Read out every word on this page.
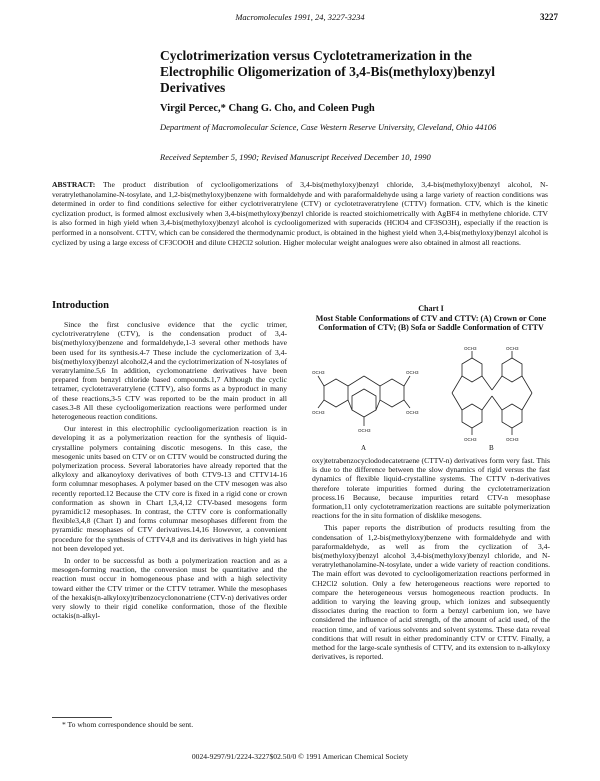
Macromolecules 1991, 24, 3227-3234	3227
Cyclotrimerization versus Cyclotetramerization in the Electrophilic Oligomerization of 3,4-Bis(methyloxy)benzyl Derivatives
Virgil Percec,* Chang G. Cho, and Coleen Pugh
Department of Macromolecular Science, Case Western Reserve University, Cleveland, Ohio 44106
Received September 5, 1990; Revised Manuscript Received December 10, 1990
ABSTRACT: The product distribution of cyclooligomerizations of 3,4-bis(methyloxy)benzyl chloride, 3,4-bis(methyloxy)benzyl alcohol, N-veratrylethanolamine-N-tosylate, and 1,2-bis(methyloxy)benzene with formaldehyde and with paraformaldehyde using a large variety of reaction conditions was determined in order to find conditions selective for either cyclotriveratrylene (CTV) or cyclotetraveratrylene (CTTV) formation. CTV, which is the kinetic cyclization product, is formed almost exclusively when 3,4-bis(methyloxy)benzyl chloride is reacted stoichiometrically with AgBF4 in methylene chloride. CTV is also formed in high yield when 3,4-bis(methyloxy)benzyl alcohol is cyclooligomerized with superacids (HClO4 and CF3SO3H), especially if the reaction is performed in a nonsolvent. CTTV, which can be considered the thermodynamic product, is obtained in the highest yield when 3,4-bis(methyloxy)benzyl alcohol is cyclized by using a large excess of CF3COOH and dilute CH2Cl2 solution. Higher molecular weight analogues were also obtained in almost all reactions.
Introduction

Since the first conclusive evidence that the cyclic trimer, cyclotriveratrylene (CTV), is the condensation product of 3,4-bis(methyloxy)benzene and formaldehyde,1-3 several other methods have been used for its synthesis.4-7 These include the cyclomerization of 3,4-bis(methyloxy)benzyl alcohol2,4 and the cyclotrimerization of N-tosylates of veratrylamine.5,6 In addition, cyclomonatriene derivatives have been prepared from benzyl chloride based compounds.1,7 Although the cyclic tetramer, cyclotetraveratrylene (CTTV), also forms as a byproduct in many of these reactions,3-5 CTV was reported to be the main product in all cases.3-8 All these cyclooligomerization reactions were performed under heterogeneous reaction conditions.

Our interest in this electrophilic cyclooligomerization reaction is in developing it as a polymerization reaction for the synthesis of liquid-crystalline polymers containing discotic mesogens. In this case, the mesogenic units based on CTV or on CTTV would be constructed during the polymerization process. Several laboratories have already reported that the alkyloxy and alkanoyloxy derivatives of both CTV9-13 and CTTV14-16 form columnar mesophases. A polymer based on the CTV mesogen was also recently reported.12 Because the CTV core is fixed in a rigid cone or crown conformation as shown in Chart I,3,4,12 CTV-based mesogens form pyramidic12 mesophases. In contrast, the CTTV core is conformationally flexible3,4,8 (Chart I) and forms columnar mesophases different from the pyramidic mesophases of CTV derivatives.14,16 However, a convenient procedure for the synthesis of CTTV4,8 and its derivatives in high yield has not been developed yet.

In order to be successful as both a polymerization reaction and as a mesogen-forming reaction, the conversion must be quantitative and the reaction must occur in homogeneous phase and with a high selectivity toward either the CTV trimer or the CTTV tetramer. While the mesophases of the hexakis(n-alkyloxy)tribenzocyclononatriene (CTV-n) derivatives order very slowly to their rigid conelike conformation, those of the flexible octakis(n-alkyl-

Chart I
Most Stable Conformations of CTV and CTTV: (A) Crown or Cone Conformation of CTV; (B) Sofa or Saddle Conformation of CTTV
OCH3
OCH3
OCH3
OCH3
OCH3
OCH3	OCH3
OCH3	OCH3
A	B

oxy)tetrabenzocyclododecatetraene (CTTV-n) derivatives form very fast. This is due to the difference between the slow dynamics of rigid versus the fast dynamics of flexible liquid-crystalline systems. The CTTV n-derivatives therefore tolerate impurities formed during the cyclotetramerization process.16 Because, because impurities retard CTV-n mesophase formation,11 only cyclotetramerization reactions are suitable polymerization reactions for the in situ formation of disklike mesogens.

This paper reports the distribution of products resulting from the condensation of 1,2-bis(methyloxy)benzene with formaldehyde and with paraformaldehyde, as well as from the cyclization of 3,4-bis(methyloxy)benzyl alcohol 3,4-bis(methyloxy)benzyl chloride, and N-veratrylethanolamine-N-tosylate, under a wide variety of reaction conditions. The main effort was devoted to cyclooligomerization reactions performed in CH2Cl2 solution. Only a few heterogeneous reactions were reported to compare the heterogeneous versus homogeneous reaction products. In addition to varying the leaving group, which ionizes and subsequently dissociates during the reaction to form a benzyl carbenium ion, we have considered the influence of acid strength, of the amount of acid used, of the reaction time, and of various solvents and solvent systems. These data reveal conditions that will result in either predominantly CTV or CTTV. Finally, a method for the large-scale synthesis of CTTV, and its extension to n-alkyloxy derivatives, is reported.

* To whom correspondence should be sent.
0024-9297/91/2224-3227$02.50/0 © 1991 American Chemical Society
